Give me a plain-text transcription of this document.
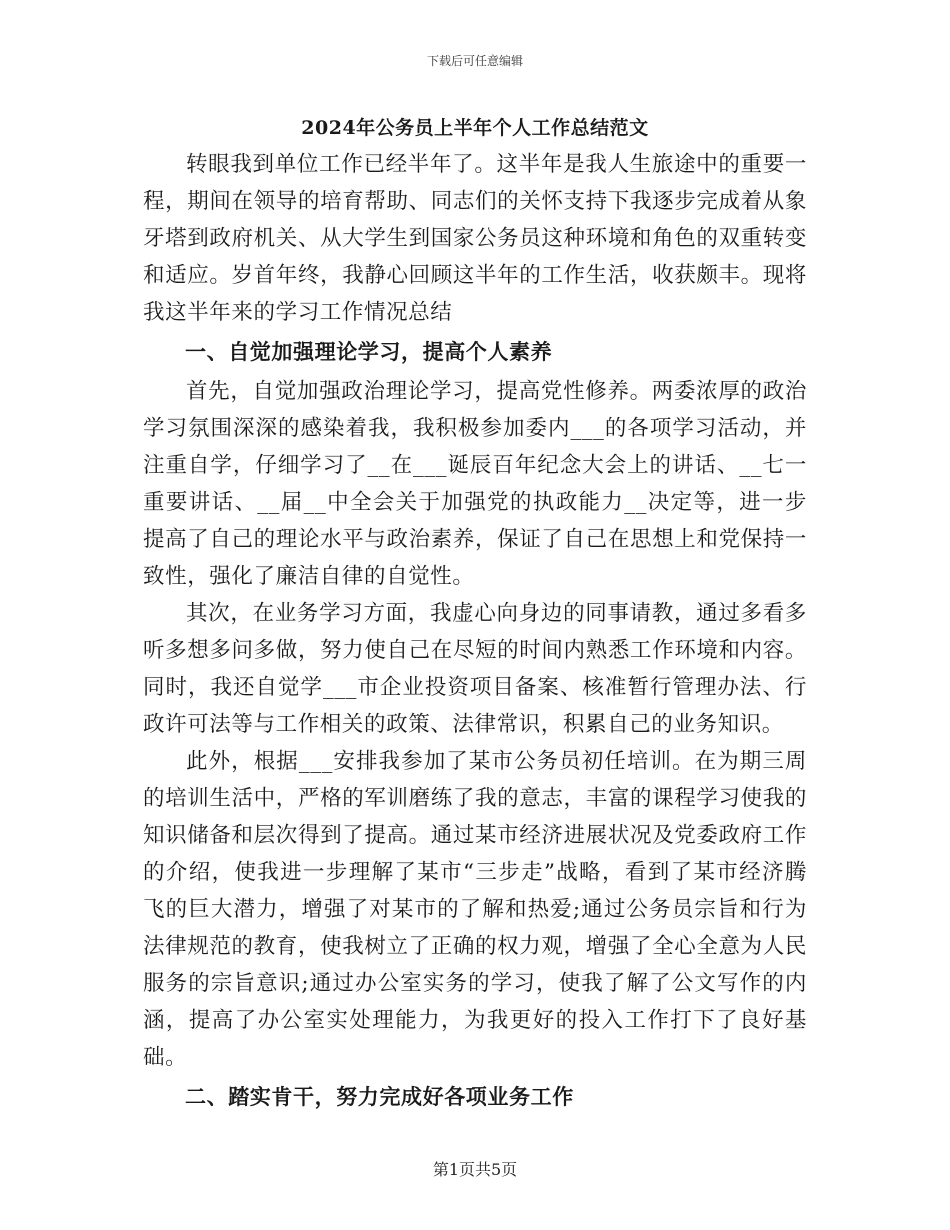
下载后可任意编辑
2024年公务员上半年个人工作总结范文

转眼我到单位工作已经半年了。这半年是我人生旅途中的重要一程，期间在领导的培育帮助、同志们的关怀支持下我逐步完成着从象牙塔到政府机关、从大学生到国家公务员这种环境和角色的双重转变和适应。岁首年终，我静心回顾这半年的工作生活，收获颇丰。现将我这半年来的学习工作情况总结

一、自觉加强理论学习，提高个人素养

首先，自觉加强政治理论学习，提高党性修养。两委浓厚的政治学习氛围深深的感染着我，我积极参加委内___的各项学习活动，并注重自学，仔细学习了__在___诞辰百年纪念大会上的讲话、__七一重要讲话、__届__中全会关于加强党的执政能力__决定等，进一步提高了自己的理论水平与政治素养，保证了自己在思想上和党保持一致性，强化了廉洁自律的自觉性。

其次，在业务学习方面，我虚心向身边的同事请教，通过多看多听多想多问多做，努力使自己在尽短的时间内熟悉工作环境和内容。同时，我还自觉学___市企业投资项目备案、核准暂行管理办法、行政许可法等与工作相关的政策、法律常识，积累自己的业务知识。

此外，根据___安排我参加了某市公务员初任培训。在为期三周的培训生活中，严格的军训磨练了我的意志，丰富的课程学习使我的知识储备和层次得到了提高。通过某市经济进展状况及党委政府工作的介绍，使我进一步理解了某市“三步走”战略，看到了某市经济腾飞的巨大潜力，增强了对某市的了解和热爱;通过公务员宗旨和行为法律规范的教育，使我树立了正确的权力观，增强了全心全意为人民服务的宗旨意识;通过办公室实务的学习，使我了解了公文写作的内涵，提高了办公室实处理能力，为我更好的投入工作打下了良好基础。

二、踏实肯干，努力完成好各项业务工作
第1页共5页
